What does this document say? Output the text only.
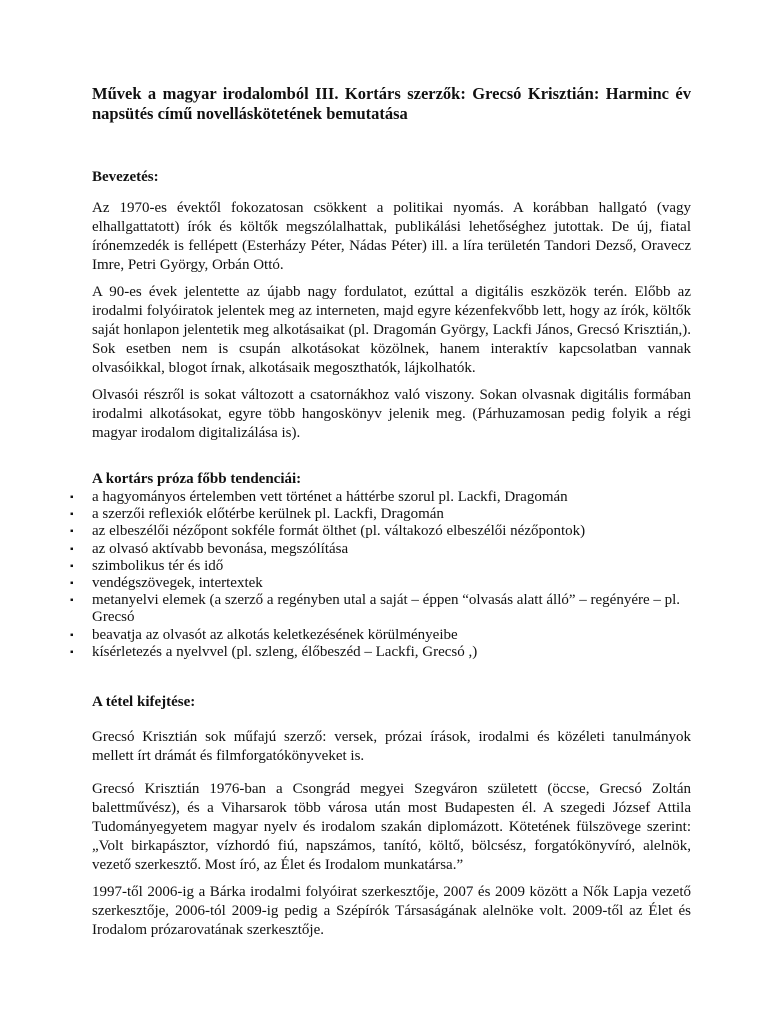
Művek a magyar irodalomból III. Kortárs szerzők: Grecsó Krisztián: Harminc év napsütés című novelláskötetének bemutatása
Bevezetés:

Az 1970-es évektől fokozatosan csökkent a politikai nyomás. A korábban hallgató (vagy elhallgattatott) írók és költők megszólalhattak, publikálási lehetőséghez jutottak. De új, fiatal írónemzedék is fellépett (Esterházy Péter, Nádas Péter) ill. a líra területén Tandori Dezső, Oravecz Imre, Petri György, Orbán Ottó.

A 90-es évek jelentette az újabb nagy fordulatot, ezúttal a digitális eszközök terén. Előbb az irodalmi folyóiratok jelentek meg az interneten, majd egyre kézenfekvőbb lett, hogy az írók, költők saját honlapon jelentetik meg alkotásaikat (pl. Dragomán György, Lackfi János, Grecsó Krisztián,). Sok esetben nem is csupán alkotásokat közölnek, hanem interaktív kapcsolatban vannak olvasóikkal, blogot írnak, alkotásaik megoszthatók, lájkolhatók.

Olvasói részről is sokat változott a csatornákhoz való viszony. Sokan olvasnak digitális formában irodalmi alkotásokat, egyre több hangoskönyv jelenik meg. (Párhuzamosan pedig folyik a régi magyar irodalom digitalizálása is).

A kortárs próza főbb tendenciái:
▪ a hagyományos értelemben vett történet a háttérbe szorul pl. Lackfi, Dragomán
▪ a szerzői reflexiók előtérbe kerülnek pl. Lackfi, Dragomán
▪ az elbeszélői nézőpont sokféle formát ölthet (pl. váltakozó elbeszélői nézőpontok)
▪ az olvasó aktívabb bevonása, megszólítása
▪ szimbolikus tér és idő
▪ vendégszövegek, intertextek
▪ metanyelvi elemek (a szerző a regényben utal a saját – éppen “olvasás alatt álló” – regényére – pl. Grecsó
▪ beavatja az olvasót az alkotás keletkezésének körülményeibe
▪ kísérletezés a nyelvvel (pl. szleng, élőbeszéd – Lackfi, Grecsó ,)
A tétel kifejtése:

Grecsó Krisztián sok műfajú szerző: versek, prózai írások, irodalmi és közéleti tanulmányok mellett írt drámát és filmforgatókönyveket is.

Grecsó Krisztián 1976-ban a Csongrád megyei Szegváron született (öccse, Grecsó Zoltán balettművész), és a Viharsarok több városa után most Budapesten él. A szegedi József Attila Tudományegyetem magyar nyelv és irodalom szakán diplomázott. Kötetének fülszövege szerint: „Volt birkapásztor, vízhordó fiú, napszámos, tanító, költő, bölcsész, forgatókönyvíró, alelnök, vezető szerkesztő. Most író, az Élet és Irodalom munkatársa.”

1997-től 2006-ig a Bárka irodalmi folyóirat szerkesztője, 2007 és 2009 között a Nők Lapja vezető szerkesztője, 2006-tól 2009-ig pedig a Szépírók Társaságának alelnöke volt. 2009-től az Élet és Irodalom prózarovatának szerkesztője.
